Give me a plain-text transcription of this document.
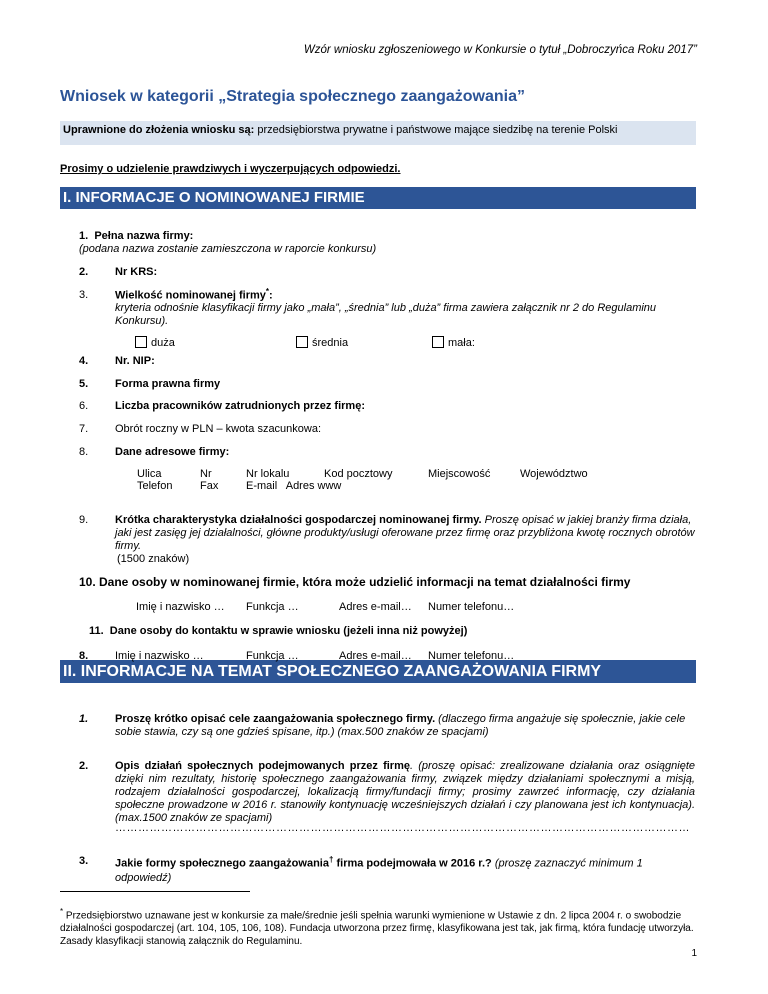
Wzór wniosku zgłoszeniowego w Konkursie o tytuł „Dobroczyńca Roku 2017”
Wniosek w kategorii „Strategia społecznego zaangażowania”
Uprawnione do złożenia wniosku są: przedsiębiorstwa prywatne i państwowe mające siedzibę na terenie Polski
Prosimy o udzielenie prawdziwych i wyczerpujących odpowiedzi.
I. INFORMACJE O NOMINOWANEJ FIRMIE
1. Pełna nazwa firmy:
(podana nazwa zostanie zamieszczona w raporcie konkursu)
2. Nr KRS:
3. Wielkość nominowanej firmy*:
kryteria odnośnie klasyfikacji firmy jako „mała”, „średnia” lub „duża” firma zawiera załącznik nr 2 do Regulaminu Konkursu).
duża	średnia	mała:
4. Nr. NIP:
5. Forma prawna firmy
6. Liczba pracowników zatrudnionych przez firmę:
7. Obrót roczny w PLN – kwota szacunkowa:
8. Dane adresowe firmy:
Ulica	Nr	Nr lokalu	Kod pocztowy	Miejscowość	Województwo
Telefon	Fax	E-mail   Adres www
9. Krótka charakterystyka działalności gospodarczej nominowanej firmy. Proszę opisać w jakiej branży firma działa, jaki jest zasięg jej działalności, główne produkty/usługi oferowane przez firmę oraz przybliżona kwotę rocznych obrotów firmy.
(1500 znaków)
10. Dane osoby w nominowanej firmie, która może udzielić informacji na temat działalności firmy
Imię i nazwisko … Funkcja …	Adres e-mail… Numer telefonu…
11.  Dane osoby do kontaktu w sprawie wniosku (jeżeli inna niż powyżej)
II. INFORMACJE NA TEMAT SPOŁECZNEGO ZAANGAŻOWANIA FIRMY
8. Imię i nazwisko …	Funkcja …	Adres e-mail… Numer telefonu…
1. Proszę krótko opisać cele zaangażowania społecznego firmy. (dlaczego firma angażuje się społecznie, jakie cele sobie stawia, czy są one gdzieś spisane, itp.) (max.500 znaków ze spacjami)
2. Opis działań społecznych podejmowanych przez firmę. (proszę opisać: zrealizowane działania oraz osiągnięte dzięki nim rezultaty, historię społecznego zaangażowania firmy, związek między działaniami społecznymi a misją, rodzajem działalności gospodarczej, lokalizacją firmy/fundacji firmy; prosimy zawrzeć informację, czy działania społeczne prowadzone w 2016 r. stanowiły kontynuację wcześniejszych działań i czy planowana jest ich kontynuacja). (max.1500 znaków ze spacjami)
……………………………………………………………………………………………………………………………………
3. Jakie formy społecznego zaangażowania† firma podejmowała w 2016 r.? (proszę zaznaczyć minimum 1 odpowiedź)
* Przedsiębiorstwo uznawane jest w konkursie za małe/średnie jeśli spełnia warunki wymienione w Ustawie z dn. 2 lipca 2004 r. o swobodzie działalności gospodarczej (art. 104, 105, 106, 108). Fundacja utworzona przez firmę, klasyfikowana jest tak, jak firmą, która fundację utworzyła. Zasady klasyfikacji stanowią załącznik do Regulaminu.
1
